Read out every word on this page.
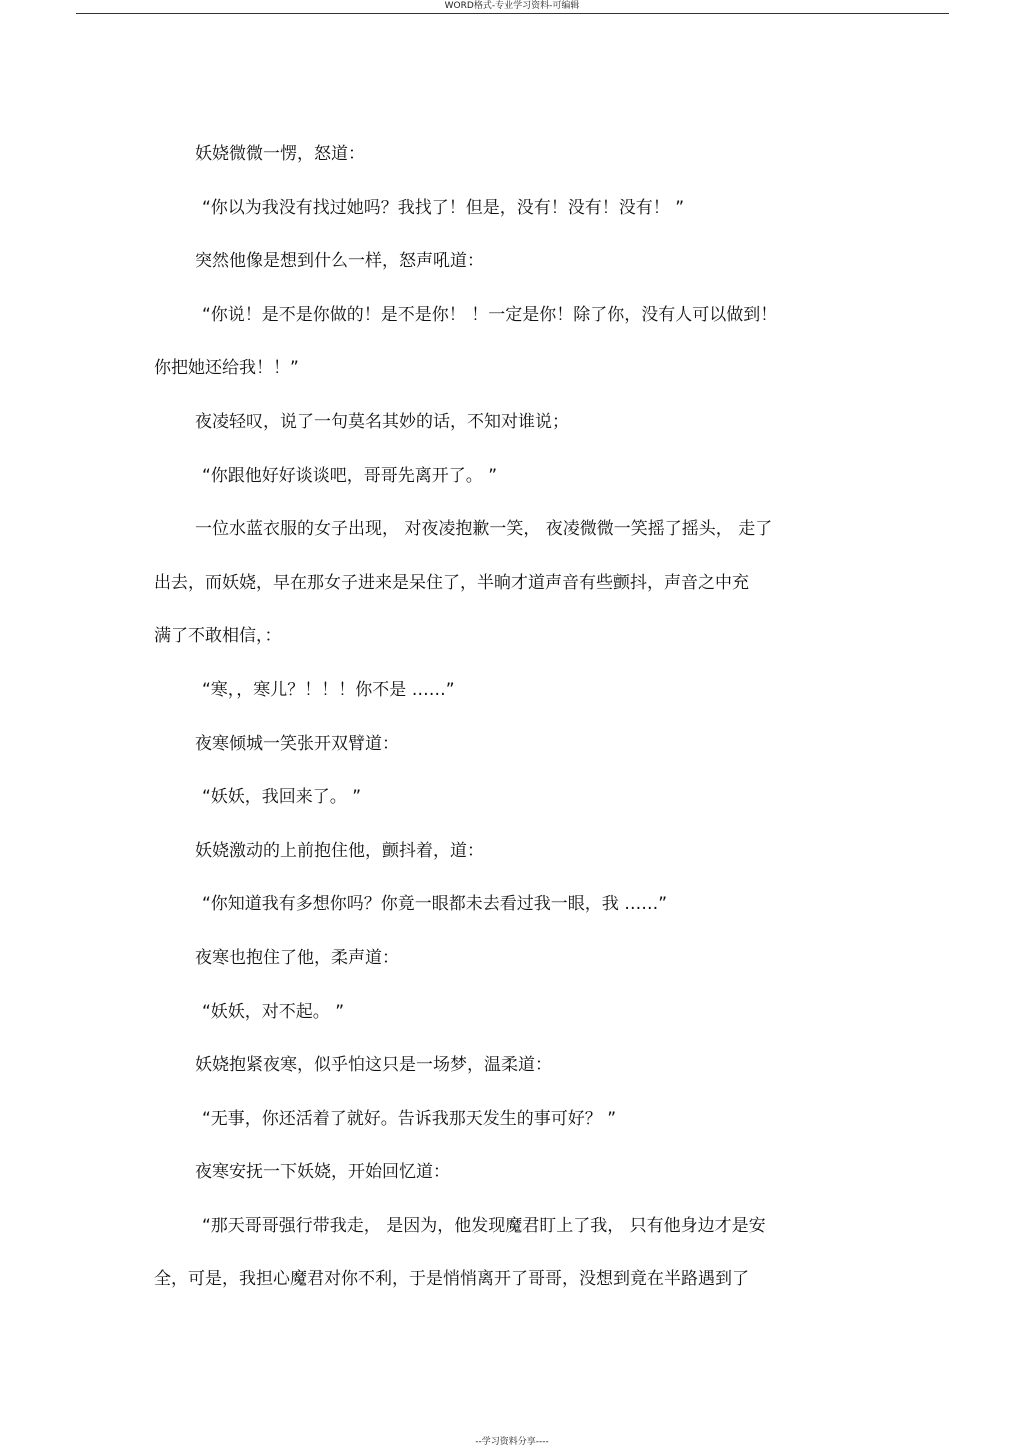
WORD格式-专业学习资料-可编辑
妖娆微微一愣，怒道：
“你以为我没有找过她吗？我找了！但是，没有！没有！没有！ ”
突然他像是想到什么一样，怒声吼道：
“你说！是不是你做的！是不是你！ ！一定是你！除了你，没有人可以做到！
你把她还给我！！”
夜凌轻叹，说了一句莫名其妙的话，不知对谁说；
“你跟他好好谈谈吧，哥哥先离开了。 ”
一位水蓝衣服的女子出现， 对夜凌抱歉一笑， 夜凌微微一笑摇了摇头， 走了
出去，而妖娆，早在那女子进来是呆住了，半晌才道声音有些颤抖，声音之中充
满了不敢相信，：
“寒，，寒儿？！！！你不是 ……”
夜寒倾城一笑张开双臂道：
“妖妖，我回来了。 ”
妖娆激动的上前抱住他，颤抖着，道：
“你知道我有多想你吗？你竟一眼都未去看过我一眼，我 ……”
夜寒也抱住了他，柔声道：
“妖妖，对不起。 ”
妖娆抱紧夜寒，似乎怕这只是一场梦，温柔道：
“无事，你还活着了就好。告诉我那天发生的事可好？ ”
夜寒安抚一下妖娆，开始回忆道：
“那天哥哥强行带我走， 是因为，他发现魔君盯上了我， 只有他身边才是安
全，可是，我担心魔君对你不利，于是悄悄离开了哥哥，没想到竟在半路遇到了
--学习资料分享----
